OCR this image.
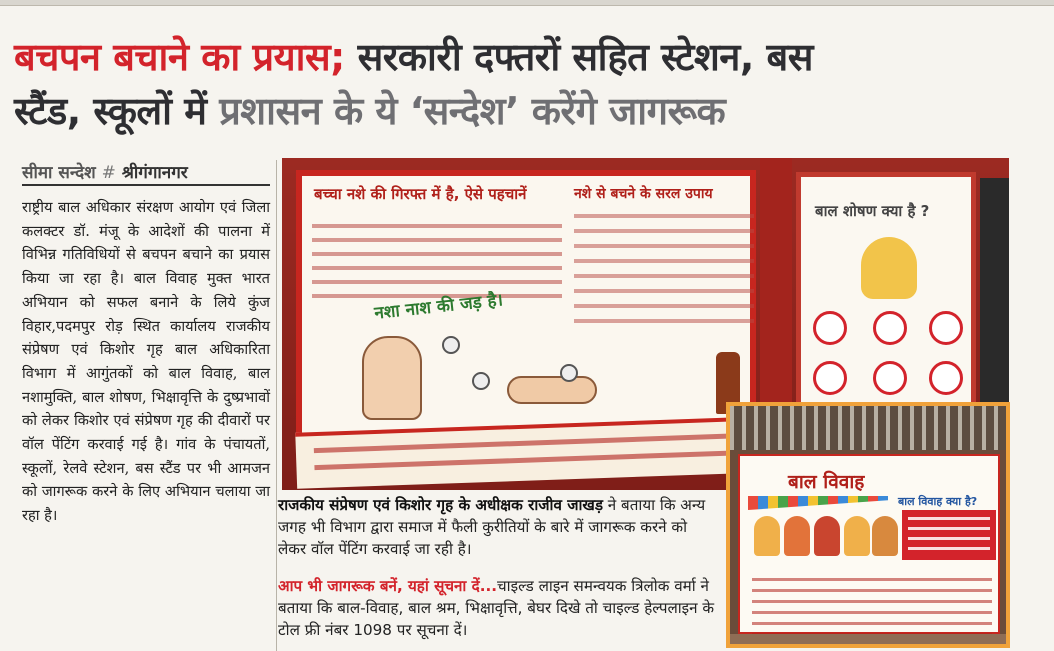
बचपन बचाने का प्रयास; सरकारी दफ्तरों सहित स्टेशन, बस
स्टैंड, स्कूलों में प्रशासन के ये ‘सन्देश’ करेंगे जागरूक
सीमा सन्देश # श्रीगंगानगर

राष्ट्रीय बाल अधिकार संरक्षण आयोग एवं जिला कलक्टर डॉ. मंजू के आदेशों की पालना में विभिन्न गतिविधियों से बचपन बचाने का प्रयास किया जा रहा है। बाल विवाह मुक्त भारत अभियान को सफल बनाने के लिये कुंज विहार,पदमपुर रोड़ स्थित कार्यालय राजकीय संप्रेषण एवं किशोर गृह बाल अधिकारिता विभाग में आगुंतकों को बाल विवाह, बाल नशामुक्ति, बाल शोषण, भिक्षावृत्ति के दुष्प्रभावों को लेकर किशोर एवं संप्रेषण गृह की दीवारों पर वॉल पेंटिंग करवाई गई है। गांव के पंचायतों, स्कूलों, रेलवे स्टेशन, बस स्टैंड पर भी आमजन को जागरूक करने के लिए अभियान चलाया जा रहा है।

बच्चा नशे की गिरफ्त में है, ऐसे पहचानें
नशा नाश की जड़ है।
नशे से बचने के सरल उपाय
बाल शोषण क्या है ?

राजकीय संप्रेषण एवं किशोर गृह के अधीक्षक राजीव जाखड़ ने बताया कि अन्य जगह भी विभाग द्वारा समाज में फैली कुरीतियों के बारे में जागरूक करने को लेकर वॉल पेंटिंग करवाई जा रही है।

आप भी जागरूक बनें, यहां सूचना दें...चाइल्ड लाइन समन्वयक त्रिलोक वर्मा ने बताया कि बाल-विवाह, बाल श्रम, भिक्षावृत्ति, बेघर दिखे तो चाइल्ड हेल्पलाइन के टोल फ्री नंबर 1098 पर सूचना दें।

बाल विवाह
बाल विवाह क्या है?
